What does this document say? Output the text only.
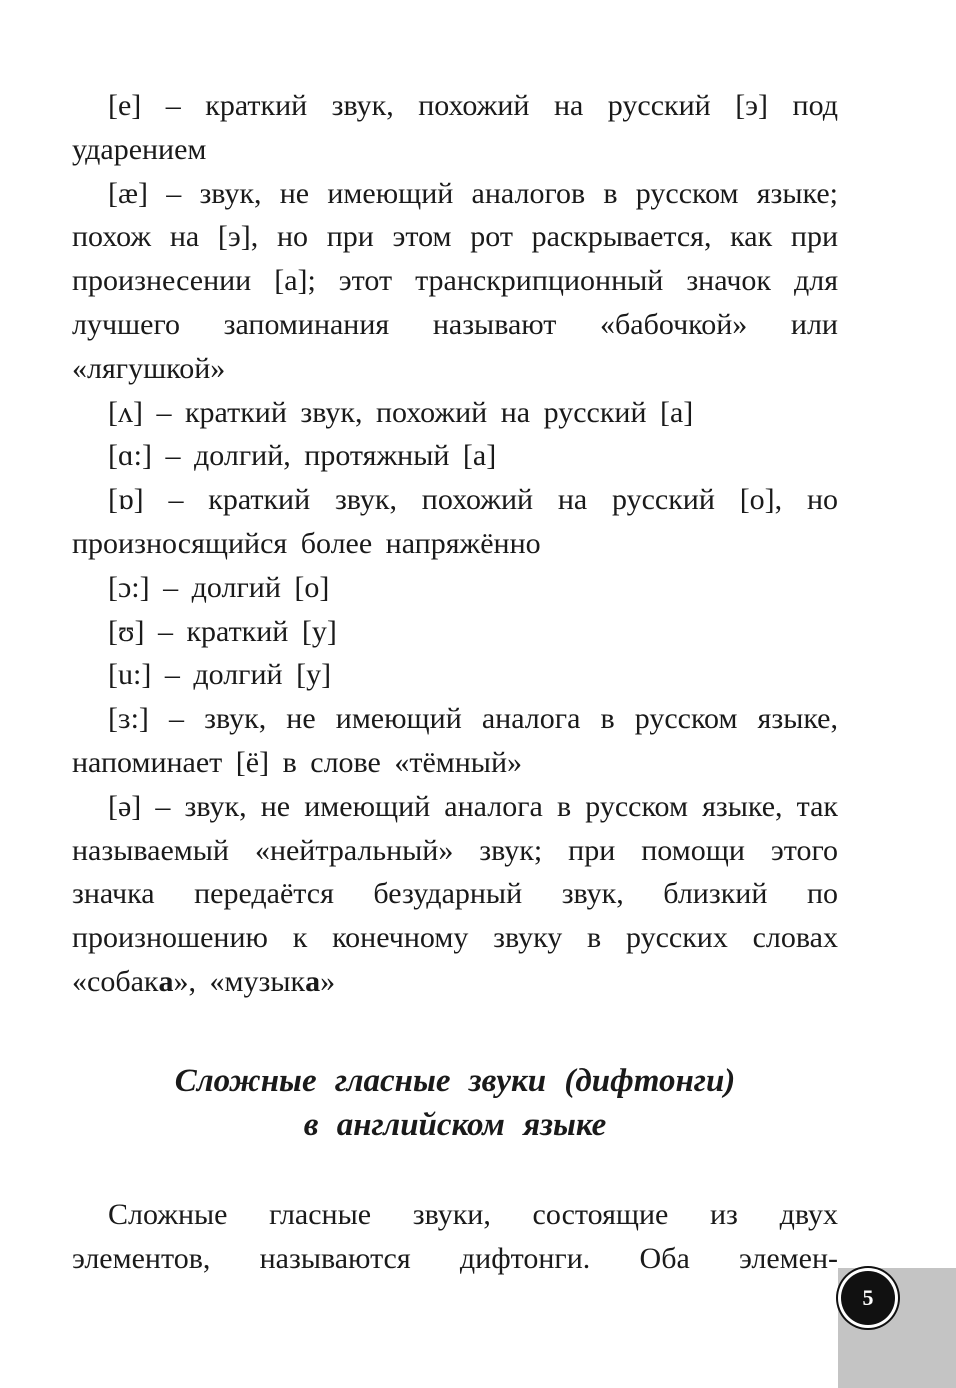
[e] – краткий звук, похожий на русский [э] под ударением

[æ] – звук, не имеющий аналогов в русском языке; похож на [э], но при этом рот раскрывается, как при произнесении [а]; этот транскрипционный значок для лучшего запоминания называют «бабочкой» или «лягушкой»

[ʌ] – краткий звук, похожий на русский [а]

[ɑ:] – долгий, протяжный [а]

[ɒ] – краткий звук, похожий на русский [о], но произносящийся более напряжённо

[ɔ:] – долгий [о]

[ʊ] – краткий [у]

[u:] – долгий [у]

[ɜ:] – звук, не имеющий аналога в русском языке, напоминает [ё] в слове «тёмный»

[ə] – звук, не имеющий аналога в русском языке, так называемый «нейтральный» звук; при помощи этого значка передаётся безударный звук, близкий по произношению к конечному звуку в русских словах «собака», «музыка»

Сложные гласные звуки (дифтонги)
в английском языке

Сложные гласные звуки, состоящие из двух элементов, называются дифтонги. Оба элемен-

5
